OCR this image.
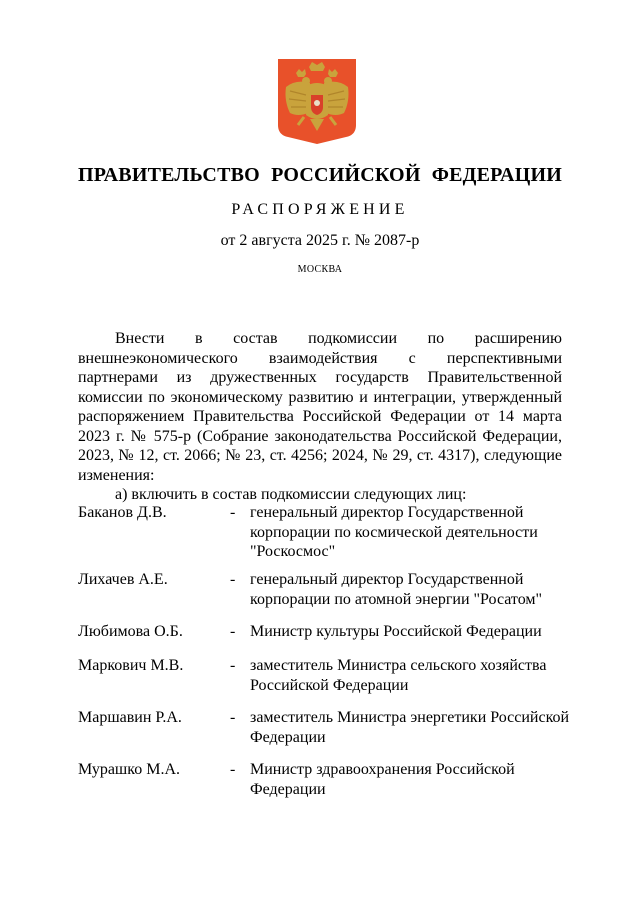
ПРАВИТЕЛЬСТВО РОССИЙСКОЙ ФЕДЕРАЦИИ
РАСПОРЯЖЕНИЕ
от 2 августа 2025 г. № 2087-р
МОСКВА

Внести в состав подкомиссии по расширению внешнеэкономического взаимодействия с перспективными партнерами из дружественных государств Правительственной комиссии по экономическому развитию и интеграции, утвержденный распоряжением Правительства Российской Федерации от 14 марта 2023 г. № 575-р (Собрание законодательства Российской Федерации, 2023, № 12, ст. 2066; № 23, ст. 4256; 2024, № 29, ст. 4317), следующие изменения:

а) включить в состав подкомиссии следующих лиц:

Баканов Д.В.	- генеральный директор Государственной корпорации по космической деятельности "Роскосмос"
Лихачев А.Е.	- генеральный директор Государственной корпорации по атомной энергии "Росатом"
Любимова О.Б.	- Министр культуры Российской Федерации
Маркович М.В.	- заместитель Министра сельского хозяйства Российской Федерации
Маршавин Р.А.	- заместитель Министра энергетики Российской Федерации
Мурашко М.А.	- Министр здравоохранения Российской Федерации
